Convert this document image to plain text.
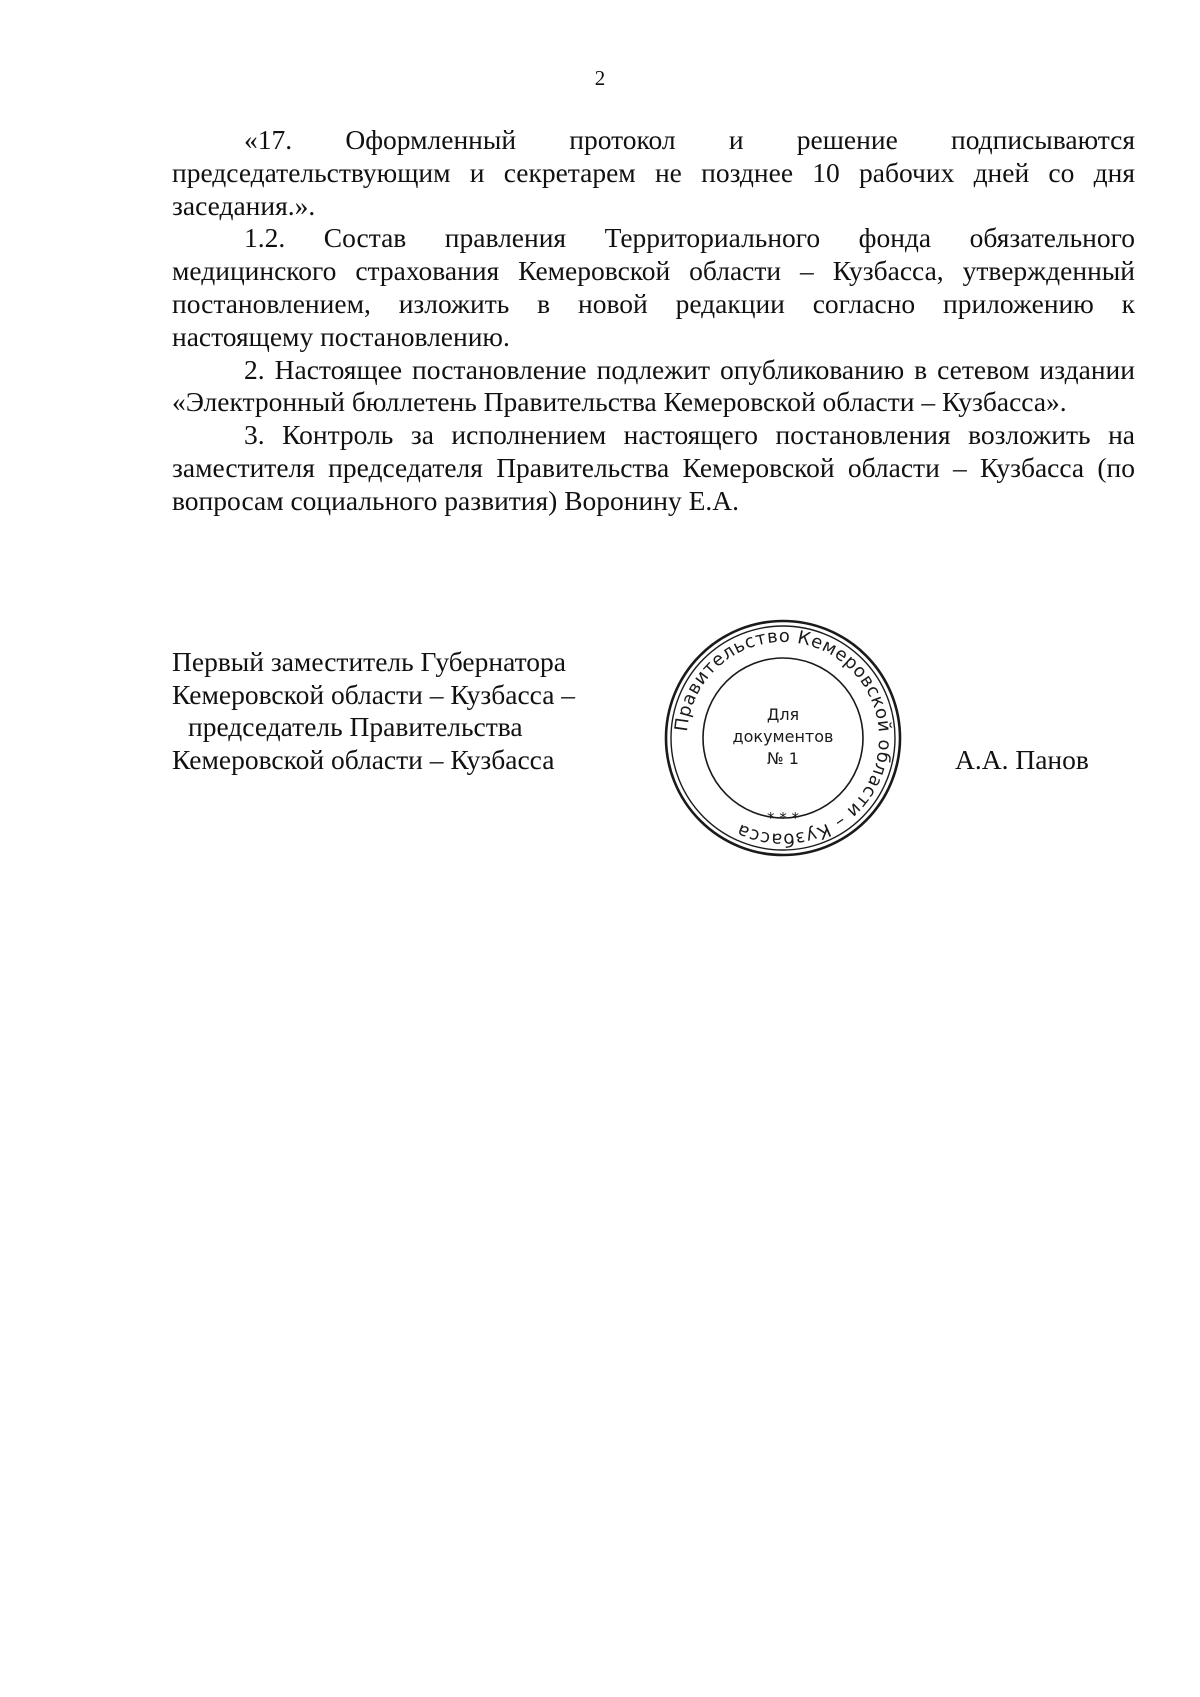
2

«17. Оформленный протокол и решение подписываются председательствующим и секретарем не позднее 10 рабочих дней со дня заседания.».

1.2. Состав правления Территориального фонда обязательного медицинского страхования Кемеровской области – Кузбасса, утвержденный постановлением, изложить в новой редакции согласно приложению к настоящему постановлению.

2. Настоящее постановление подлежит опубликованию в сетевом издании «Электронный бюллетень Правительства Кемеровской области – Кузбасса».

3. Контроль за исполнением настоящего постановления возложить на заместителя председателя Правительства Кемеровской области – Кузбасса (по вопросам социального развития) Воронину Е.А.

Первый заместитель Губернатора
Кемеровской области – Кузбасса –
председатель Правительства
Кемеровской области – Кузбасса
Правительство Кемеровской области – Кузбасса
* * *
Для
документов
№ 1	А.А. Панов
